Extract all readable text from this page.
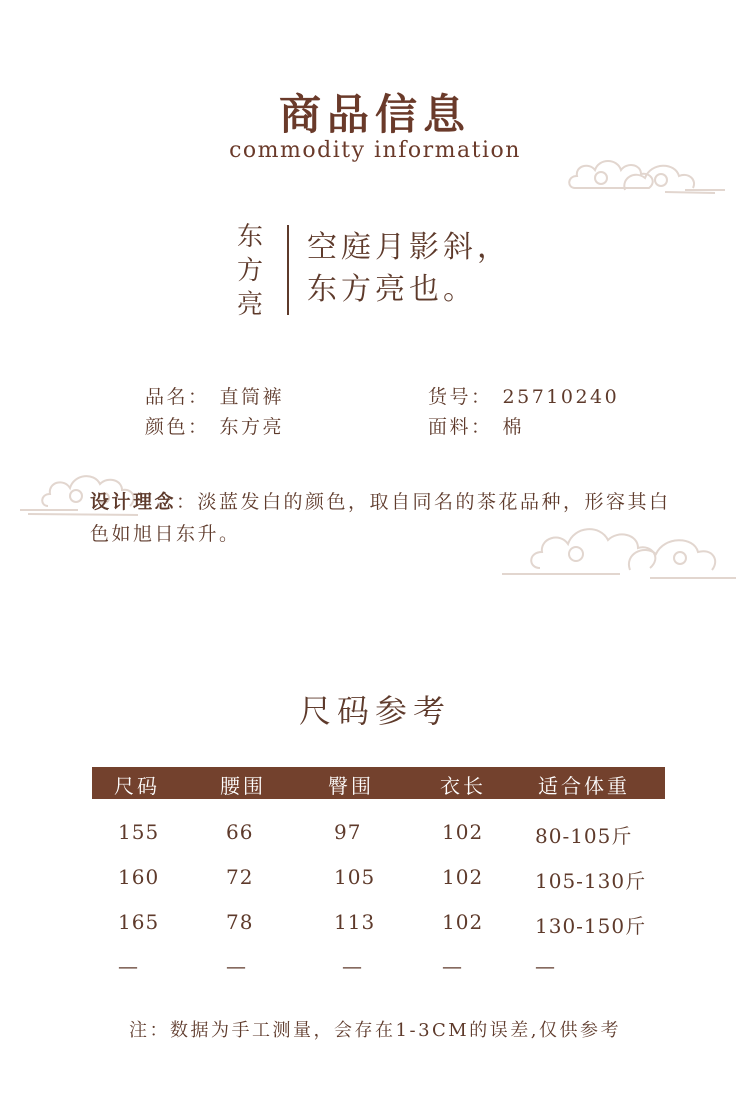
商品信息
commodity information
东
方
亮
空庭月影斜，
东方亮也。
品名： 直筒裤	货号： 25710240
颜色： 东方亮	面料： 棉
设计理念：淡蓝发白的颜色，取自同名的茶花品种，形容其白色如旭日东升。
尺码参考
尺码	腰围	臀围	衣长	适合体重
155	66	97	102	80-105斤
160	72	105	102	105-130斤
165	78	113	102	130-150斤
—	—	—	—	—
注：数据为手工测量，会存在1-3CM的误差,仅供参考
